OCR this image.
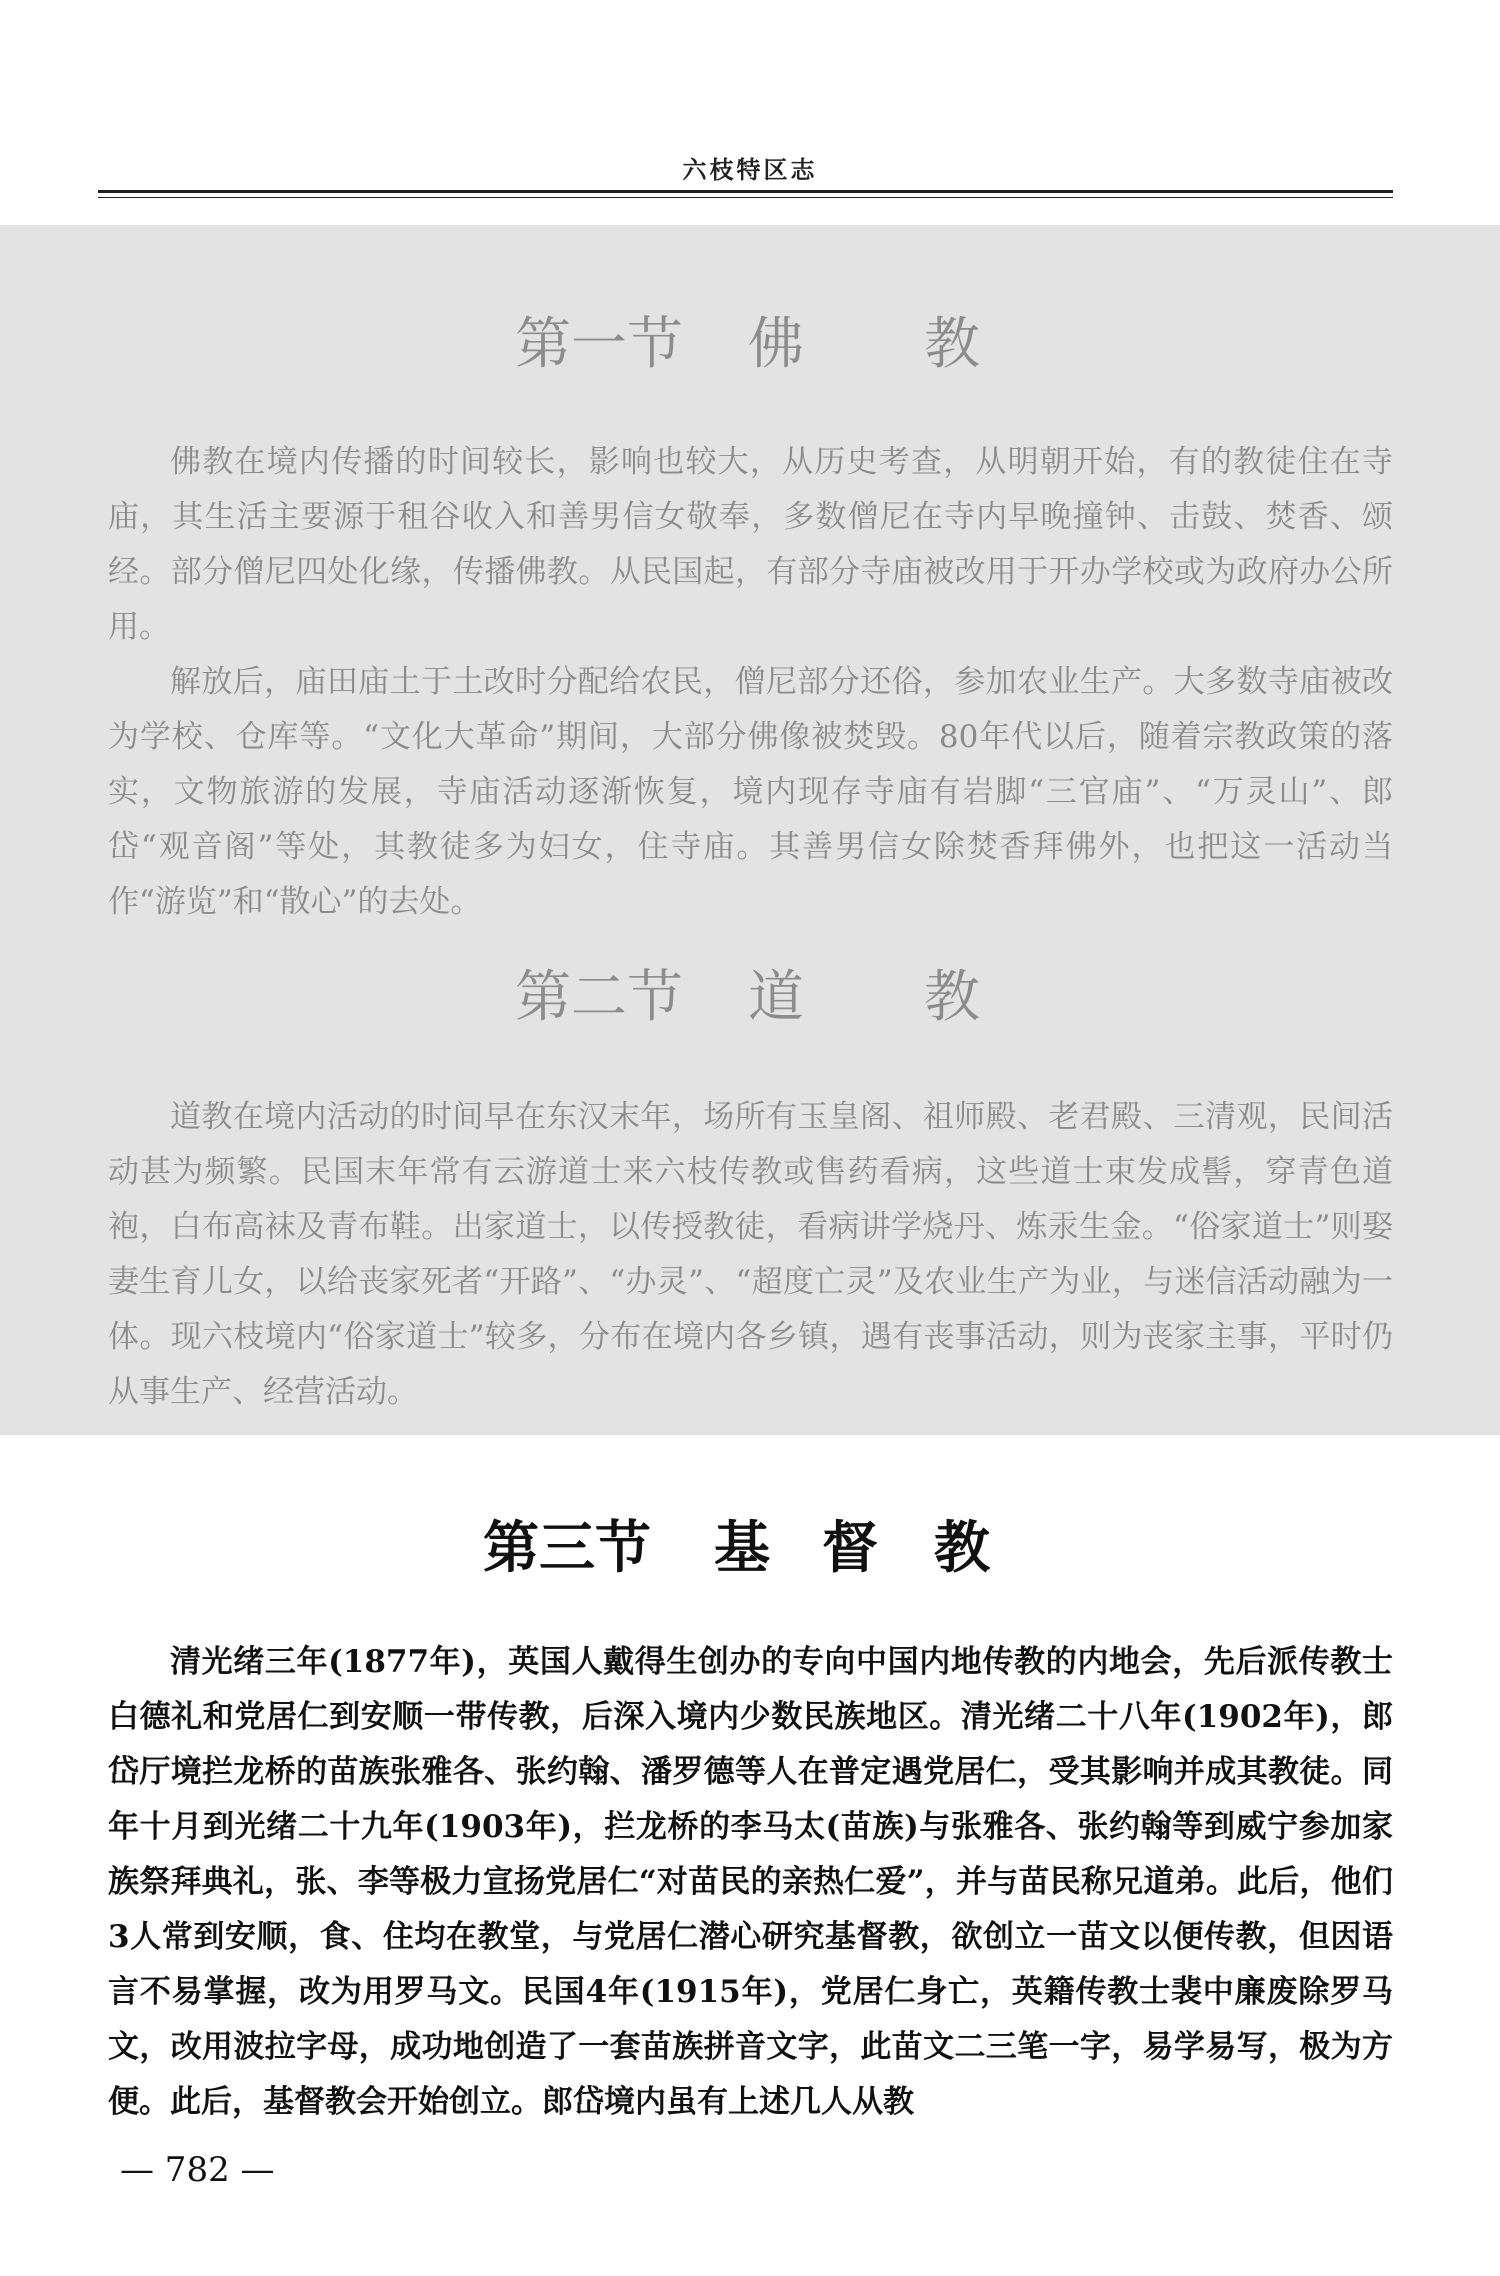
六枝特区志
第一节 佛 教

佛教在境内传播的时间较长，影响也较大，从历史考查，从明朝开始，有的教徒住在寺庙，其生活主要源于租谷收入和善男信女敬奉，多数僧尼在寺内早晚撞钟、击鼓、焚香、颂经。部分僧尼四处化缘，传播佛教。从民国起，有部分寺庙被改用于开办学校或为政府办公所用。

解放后，庙田庙土于土改时分配给农民，僧尼部分还俗，参加农业生产。大多数寺庙被改为学校、仓库等。“文化大革命”期间，大部分佛像被焚毁。80年代以后，随着宗教政策的落实，文物旅游的发展，寺庙活动逐渐恢复，境内现存寺庙有岩脚“三官庙”、“万灵山”、郎岱“观音阁”等处，其教徒多为妇女，住寺庙。其善男信女除焚香拜佛外，也把这一活动当作“游览”和“散心”的去处。

第二节 道 教

道教在境内活动的时间早在东汉末年，场所有玉皇阁、祖师殿、老君殿、三清观，民间活动甚为频繁。民国末年常有云游道士来六枝传教或售药看病，这些道士束发成髻，穿青色道袍，白布高袜及青布鞋。出家道士，以传授教徒，看病讲学烧丹、炼汞生金。“俗家道士”则娶妻生育儿女，以给丧家死者“开路”、“办灵”、“超度亡灵”及农业生产为业，与迷信活动融为一体。现六枝境内“俗家道士”较多，分布在境内各乡镇，遇有丧事活动，则为丧家主事，平时仍从事生产、经营活动。

第三节 基 督 教

清光绪三年(1877年)，英国人戴得生创办的专向中国内地传教的内地会，先后派传教士白德礼和党居仁到安顺一带传教，后深入境内少数民族地区。清光绪二十八年(1902年)，郎岱厅境拦龙桥的苗族张雅各、张约翰、潘罗德等人在普定遇党居仁，受其影响并成其教徒。同年十月到光绪二十九年(1903年)，拦龙桥的李马太(苗族)与张雅各、张约翰等到威宁参加家族祭拜典礼，张、李等极力宣扬党居仁“对苗民的亲热仁爱”，并与苗民称兄道弟。此后，他们3人常到安顺，食、住均在教堂，与党居仁潜心研究基督教，欲创立一苗文以便传教，但因语言不易掌握，改为用罗马文。民国4年(1915年)，党居仁身亡，英籍传教士裴中廉废除罗马文，改用波拉字母，成功地创造了一套苗族拼音文字，此苗文二三笔一字，易学易写，极为方便。此后，基督教会开始创立。郎岱境内虽有上述几人从教

— 782 —
